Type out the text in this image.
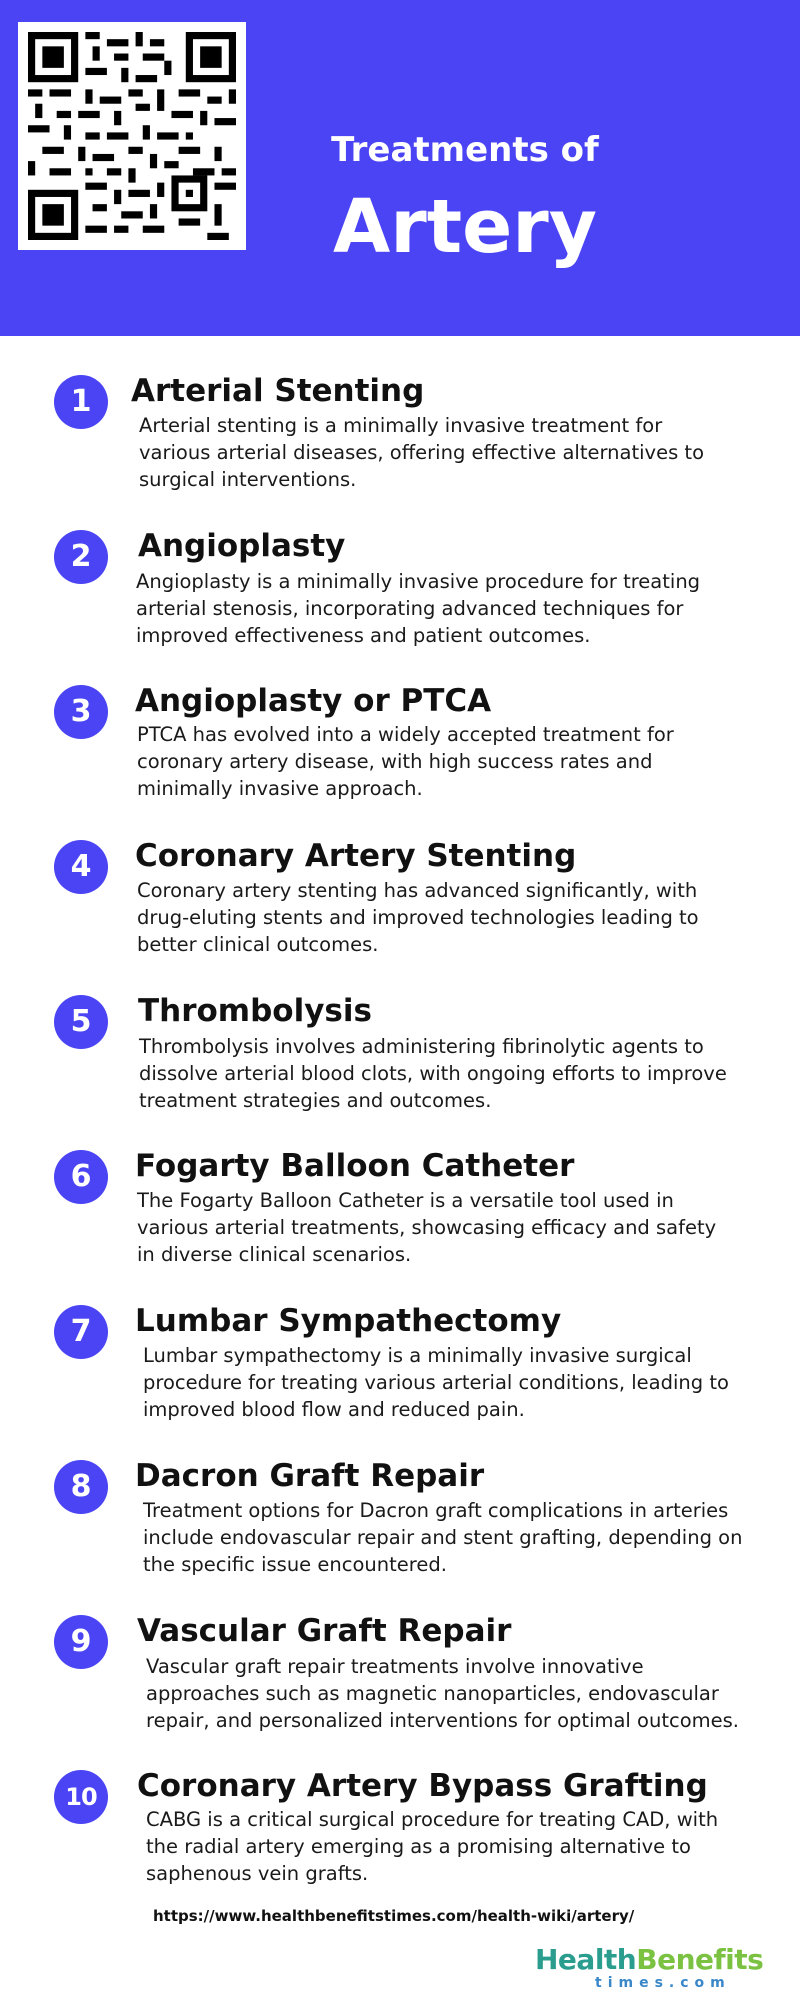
Treatments of
Artery
1	Arterial Stenting
Arterial stenting is a minimally invasive treatment for various arterial diseases, offering effective alternatives to surgical interventions.
2	Angioplasty
Angioplasty is a minimally invasive procedure for treating arterial stenosis, incorporating advanced techniques for improved effectiveness and patient outcomes.
3	Angioplasty or PTCA
PTCA has evolved into a widely accepted treatment for coronary artery disease, with high success rates and minimally invasive approach.
4	Coronary Artery Stenting
Coronary artery stenting has advanced significantly, with drug-eluting stents and improved technologies leading to better clinical outcomes.
5	Thrombolysis
Thrombolysis involves administering fibrinolytic agents to dissolve arterial blood clots, with ongoing efforts to improve treatment strategies and outcomes.
6	Fogarty Balloon Catheter
The Fogarty Balloon Catheter is a versatile tool used in various arterial treatments, showcasing efficacy and safety in diverse clinical scenarios.
7	Lumbar Sympathectomy
Lumbar sympathectomy is a minimally invasive surgical procedure for treating various arterial conditions, leading to improved blood flow and reduced pain.
8	Dacron Graft Repair
Treatment options for Dacron graft complications in arteries include endovascular repair and stent grafting, depending on the specific issue encountered.
9	Vascular Graft Repair
Vascular graft repair treatments involve innovative approaches such as magnetic nanoparticles, endovascular repair, and personalized interventions for optimal outcomes.
10	Coronary Artery Bypass Grafting
CABG is a critical surgical procedure for treating CAD, with the radial artery emerging as a promising alternative to saphenous vein grafts.
https://www.healthbenefitstimes.com/health-wiki/artery/
HealthBenefits
times.com
